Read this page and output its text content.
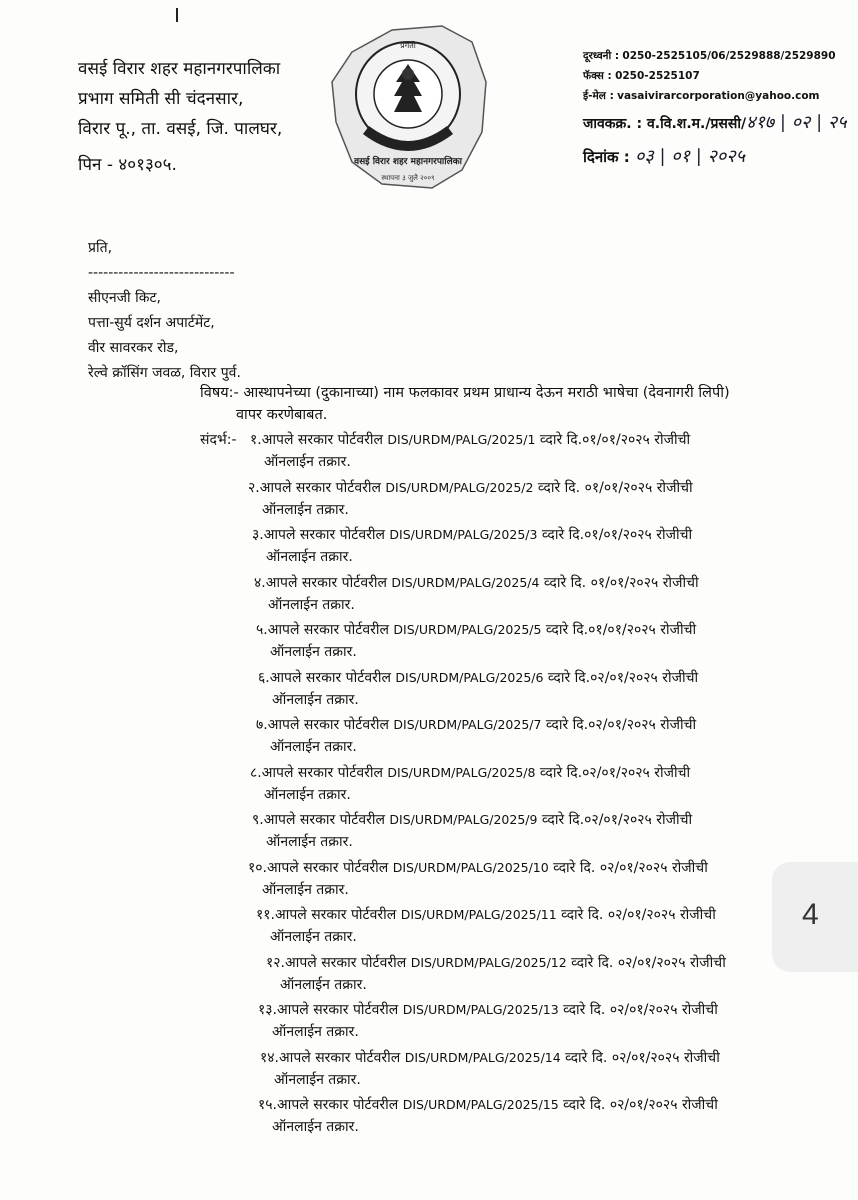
वसई विरार शहर महानगरपालिका
प्रभाग समिती सी चंदनसार,
विरार पू., ता. वसई, जि. पालघर,
पिन - ४०१३०५.
प्रगती
वसई विरार शहर महानगरपालिका
स्थापना ३ जुलै २००९
दूरध्वनी :
0250-2525105/06/2529888/2529890
फॅक्स :
0250-2525107
ई-मेल :
vasaivirarcorporation@yahoo.com
जावकक्र. : व.वि.श.म./प्रससी/४१७ | ०२ | २५
दिनांक : ०३ | ०१ | २०२५
प्रति,
-----------------------------
सीएनजी किट,
पत्ता-सुर्य दर्शन अपार्टमेंट,
वीर सावरकर रोड,
रेल्वे क्रॉसिंग जवळ, विरार पुर्व.
विषय:- आस्थापनेच्या (दुकानाच्या) नाम फलकावर प्रथम प्राधान्य देऊन मराठी भाषेचा (देवनागरी लिपी)
वापर करणेबाबत.
संदर्भ:- १.आपले सरकार पोर्टवरील DIS/URDM/PALG/2025/1 व्दारे दि.०१/०१/२०२५ रोजीची
ऑनलाईन तक्रार.
२.आपले सरकार पोर्टवरील DIS/URDM/PALG/2025/2 व्दारे दि. ०१/०१/२०२५ रोजीची
ऑनलाईन तक्रार.
३.आपले सरकार पोर्टवरील DIS/URDM/PALG/2025/3 व्दारे दि.०१/०१/२०२५ रोजीची
ऑनलाईन तक्रार.
४.आपले सरकार पोर्टवरील DIS/URDM/PALG/2025/4 व्दारे दि. ०१/०१/२०२५ रोजीची
ऑनलाईन तक्रार.
५.आपले सरकार पोर्टवरील DIS/URDM/PALG/2025/5 व्दारे दि.०१/०१/२०२५ रोजीची
ऑनलाईन तक्रार.
६.आपले सरकार पोर्टवरील DIS/URDM/PALG/2025/6 व्दारे दि.०२/०१/२०२५ रोजीची
ऑनलाईन तक्रार.
७.आपले सरकार पोर्टवरील DIS/URDM/PALG/2025/7 व्दारे दि.०२/०१/२०२५ रोजीची
ऑनलाईन तक्रार.
८.आपले सरकार पोर्टवरील DIS/URDM/PALG/2025/8 व्दारे दि.०२/०१/२०२५ रोजीची
ऑनलाईन तक्रार.
९.आपले सरकार पोर्टवरील DIS/URDM/PALG/2025/9 व्दारे दि.०२/०१/२०२५ रोजीची
ऑनलाईन तक्रार.
१०.आपले सरकार पोर्टवरील DIS/URDM/PALG/2025/10 व्दारे दि. ०२/०१/२०२५ रोजीची
ऑनलाईन तक्रार.
११.आपले सरकार पोर्टवरील DIS/URDM/PALG/2025/11 व्दारे दि. ०२/०१/२०२५ रोजीची
ऑनलाईन तक्रार.
१२.आपले सरकार पोर्टवरील DIS/URDM/PALG/2025/12 व्दारे दि. ०२/०१/२०२५ रोजीची
ऑनलाईन तक्रार.
१३.आपले सरकार पोर्टवरील DIS/URDM/PALG/2025/13 व्दारे दि. ०२/०१/२०२५ रोजीची
ऑनलाईन तक्रार.
१४.आपले सरकार पोर्टवरील DIS/URDM/PALG/2025/14 व्दारे दि. ०२/०१/२०२५ रोजीची
ऑनलाईन तक्रार.
१५.आपले सरकार पोर्टवरील DIS/URDM/PALG/2025/15 व्दारे दि. ०२/०१/२०२५ रोजीची
ऑनलाईन तक्रार.
4
